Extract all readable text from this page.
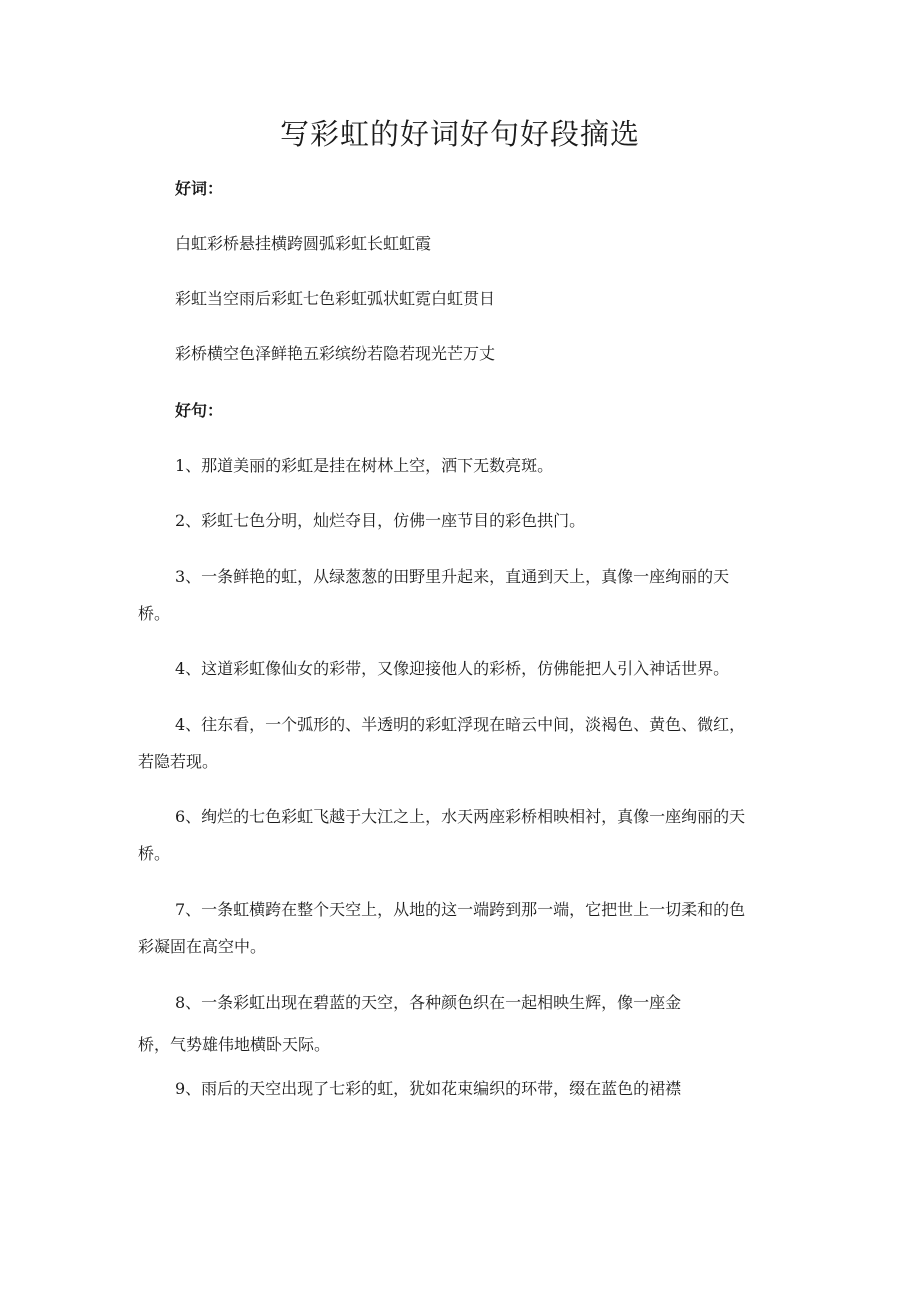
写彩虹的好词好句好段摘选
好词：
白虹彩桥悬挂横跨圆弧彩虹长虹虹霞
彩虹当空雨后彩虹七色彩虹弧状虹霓白虹贯日
彩桥横空色泽鲜艳五彩缤纷若隐若现光芒万丈
好句：
1、那道美丽的彩虹是挂在树林上空，洒下无数亮斑。
2、彩虹七色分明，灿烂夺目，仿佛一座节目的彩色拱门。
3、一条鲜艳的虹，从绿葱葱的田野里升起来，直通到天上，真像一座绚丽的天
桥。
4、这道彩虹像仙女的彩带，又像迎接他人的彩桥，仿佛能把人引入神话世界。
4、往东看，一个弧形的、半透明的彩虹浮现在暗云中间，淡褐色、黄色、微红，
若隐若现。
6、绚烂的七色彩虹飞越于大江之上，水天两座彩桥相映相衬，真像一座绚丽的天
桥。
7、一条虹横跨在整个天空上，从地的这一端跨到那一端，它把世上一切柔和的色
彩凝固在高空中。
8、一条彩虹出现在碧蓝的天空，各种颜色织在一起相映生辉，像一座金
桥，气势雄伟地横卧天际。
9、雨后的天空出现了七彩的虹，犹如花束编织的环带，缀在蓝色的裙襟
